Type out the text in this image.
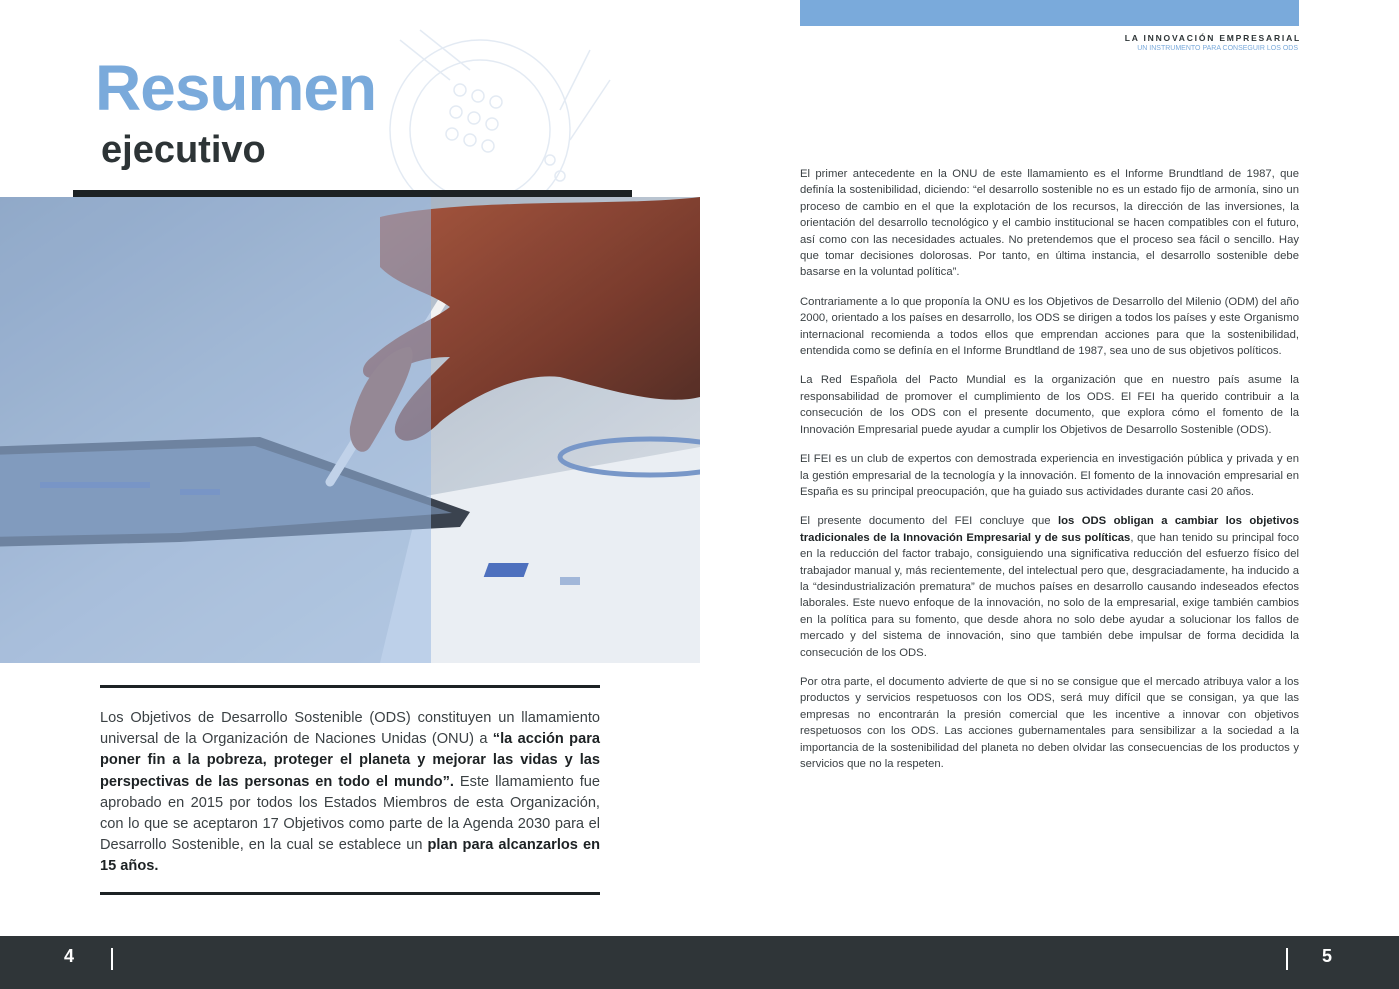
LA INNOVACIÓN EMPRESARIAL
UN INSTRUMENTO PARA CONSEGUIR LOS ODS
Resumen
ejecutivo

Los Objetivos de Desarrollo Sostenible (ODS) constituyen un llamamiento universal de la Organización de Naciones Unidas (ONU) a “la acción para poner fin a la pobreza, proteger el planeta y mejorar las vidas y las perspectivas de las personas en todo el mundo”. Este llamamiento fue aprobado en 2015 por todos los Estados Miembros de esta Organización, con lo que se aceptaron 17 Objetivos como parte de la Agenda 2030 para el Desarrollo Sostenible, en la cual se establece un plan para alcanzarlos en 15 años.

El primer antecedente en la ONU de este llamamiento es el Informe Brundtland de 1987, que definía la sostenibilidad, diciendo: “el desarrollo sostenible no es un estado fijo de armonía, sino un proceso de cambio en el que la explotación de los recursos, la dirección de las inversiones, la orientación del desarrollo tecnológico y el cambio institucional se hacen compatibles con el futuro, así como con las necesidades actuales. No pretendemos que el proceso sea fácil o sencillo. Hay que tomar decisiones dolorosas. Por tanto, en última instancia, el desarrollo sostenible debe basarse en la voluntad política”.

Contrariamente a lo que proponía la ONU es los Objetivos de Desarrollo del Milenio (ODM) del año 2000, orientado a los países en desarrollo, los ODS se dirigen a todos los países y este Organismo internacional recomienda a todos ellos que emprendan acciones para que la sostenibilidad, entendida como se definía en el Informe Brundtland de 1987, sea uno de sus objetivos políticos.

La Red Española del Pacto Mundial es la organización que en nuestro país asume la responsabilidad de promover el cumplimiento de los ODS. El FEI ha querido contribuir a la consecución de los ODS con el presente documento, que explora cómo el fomento de la Innovación Empresarial puede ayudar a cumplir los Objetivos de Desarrollo Sostenible (ODS).

El FEI es un club de expertos con demostrada experiencia en investigación pública y privada y en la gestión empresarial de la tecnología y la innovación. El fomento de la innovación empresarial en España es su principal preocupación, que ha guiado sus actividades durante casi 20 años.

El presente documento del FEI concluye que los ODS obligan a cambiar los objetivos tradicionales de la Innovación Empresarial y de sus políticas, que han tenido su principal foco en la reducción del factor trabajo, consiguiendo una significativa reducción del esfuerzo físico del trabajador manual y, más recientemente, del intelectual pero que, desgraciadamente, ha inducido a la “desindustrialización prematura” de muchos países en desarrollo causando indeseados efectos laborales. Este nuevo enfoque de la innovación, no solo de la empresarial, exige también cambios en la política para su fomento, que desde ahora no solo debe ayudar a solucionar los fallos de mercado y del sistema de innovación, sino que también debe impulsar de forma decidida la consecución de los ODS.

Por otra parte, el documento advierte de que si no se consigue que el mercado atribuya valor a los productos y servicios respetuosos con los ODS, será muy difícil que se consigan, ya que las empresas no encontrarán la presión comercial que les incentive a innovar con objetivos respetuosos con los ODS. Las acciones gubernamentales para sensibilizar a la sociedad a la importancia de la sostenibilidad del planeta no deben olvidar las consecuencias de los productos y servicios que no la respeten.

4	5
